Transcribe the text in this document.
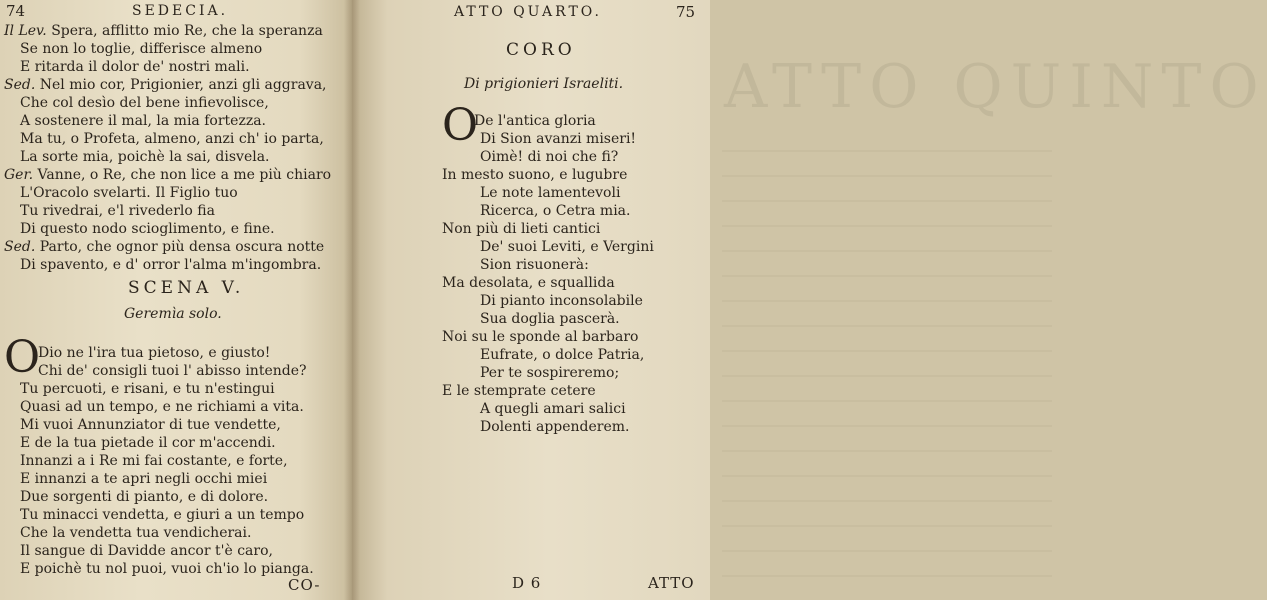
74	SEDECIA.
Il Lev. Spera, afflitto mio Re, che la speranza
Se non lo toglie, differisce almeno
E ritarda il dolor de' nostri mali.
Sed. Nel mio cor, Prigionier, anzi gli aggrava,
Che col desìo del bene infievolisce,
A sostenere il mal, la mia fortezza.
Ma tu, o Profeta, almeno, anzi ch' io parta,
La sorte mia, poichè la sai, disvela.
Ger. Vanne, o Re, che non lice a me più chiaro
L'Oracolo svelarti. Il Figlio tuo
Tu rivedrai, e'l rivederlo fia
Di questo nodo scioglimento, e fine.
Sed. Parto, che ognor più densa oscura notte
Di spavento, e d' orror l'alma m'ingombra.
SCENA V.
Geremìa solo.
O
Dio ne l'ira tua pietoso, e giusto!
Chi de' consigli tuoi l' abisso intende?
Tu percuoti, e risani, e tu n'estingui
Quasi ad un tempo, e ne richiami a vita.
Mi vuoi Annunziator di tue vendette,
E de la tua pietade il cor m'accendi.
Innanzi a i Re mi fai costante, e forte,
E innanzi a te apri negli occhi miei
Due sorgenti di pianto, e di dolore.
Tu minacci vendetta, e giuri a un tempo
Che la vendetta tua vendicherai.
Il sangue di Davidde ancor t'è caro,
E poichè tu nol puoi, vuoi ch'io lo pianga.
CO-
ATTO QUINTO
ATTO QUARTO.	75
CORO
Di prigionieri Israeliti.
O
De l'antica gloria
Di Sion avanzi miseri!
Oimè! di noi che fi?
In mesto suono, e lugubre
Le note lamentevoli
Ricerca, o Cetra mia.
Non più di lieti cantici
De' suoi Leviti, e Vergini
Sion risuonerà:
Ma desolata, e squallida
Di pianto inconsolabile
Sua doglia pascerà.
Noi su le sponde al barbaro
Eufrate, o dolce Patria,
Per te sospireremo;
E le stemprate cetere
A quegli amari salici
Dolenti appenderem.
D 6	ATTO
